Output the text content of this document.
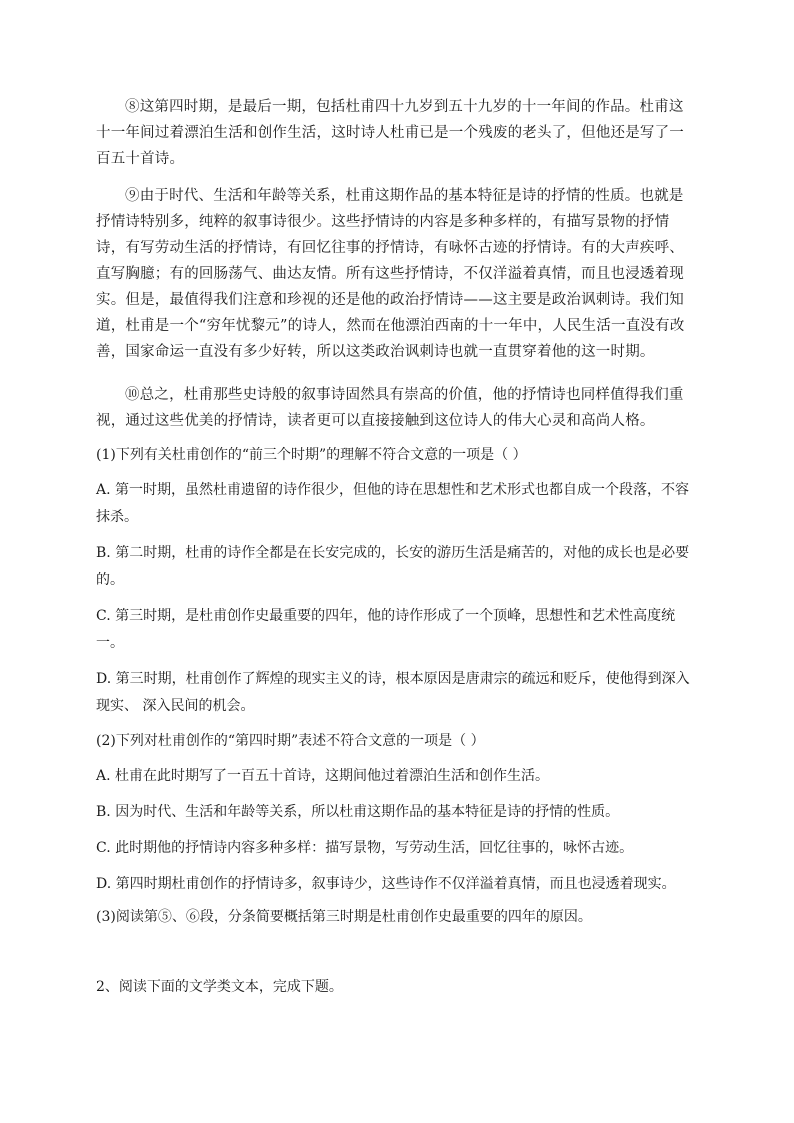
⑧这第四时期，是最后一期，包括杜甫四十九岁到五十九岁的十一年间的作品。杜甫这十一年间过着漂泊生活和创作生活，这时诗人杜甫已是一个残废的老头了，但他还是写了一百五十首诗。

⑨由于时代、生活和年龄等关系，杜甫这期作品的基本特征是诗的抒情的性质。也就是抒情诗特别多，纯粹的叙事诗很少。这些抒情诗的内容是多种多样的，有描写景物的抒情诗，有写劳动生活的抒情诗，有回忆往事的抒情诗，有咏怀古迹的抒情诗。有的大声疾呼、直写胸臆；有的回肠荡气、曲达友情。所有这些抒情诗，不仅洋溢着真情，而且也浸透着现实。但是，最值得我们注意和珍视的还是他的政治抒情诗——这主要是政治讽刺诗。我们知道，杜甫是一个“穷年忧黎元”的诗人，然而在他漂泊西南的十一年中，人民生活一直没有改善，国家命运一直没有多少好转，所以这类政治讽刺诗也就一直贯穿着他的这一时期。

⑩总之，杜甫那些史诗般的叙事诗固然具有崇高的价值，他的抒情诗也同样值得我们重视，通过这些优美的抒情诗，读者更可以直接接触到这位诗人的伟大心灵和高尚人格。

(1)下列有关杜甫创作的“前三个时期”的理解不符合文意的一项是（ ）

A. 第一时期，虽然杜甫遗留的诗作很少，但他的诗在思想性和艺术形式也都自成一个段落，不容抹杀。

B. 第二时期，杜甫的诗作全都是在长安完成的，长安的游历生活是痛苦的，对他的成长也是必要的。

C. 第三时期，是杜甫创作史最重要的四年，他的诗作形成了一个顶峰，思想性和艺术性高度统一。

D. 第三时期，杜甫创作了辉煌的现实主义的诗，根本原因是唐肃宗的疏远和贬斥，使他得到深入现实、 深入民间的机会。

(2)下列对杜甫创作的“第四时期”表述不符合文意的一项是（ ）

A. 杜甫在此时期写了一百五十首诗，这期间他过着漂泊生活和创作生活。

B. 因为时代、生活和年龄等关系，所以杜甫这期作品的基本特征是诗的抒情的性质。

C. 此时期他的抒情诗内容多种多样：描写景物，写劳动生活，回忆往事的，咏怀古迹。

D. 第四时期杜甫创作的抒情诗多，叙事诗少，这些诗作不仅洋溢着真情，而且也浸透着现实。

(3)阅读第⑤、⑥段，分条简要概括第三时期是杜甫创作史最重要的四年的原因。

2、阅读下面的文学类文本，完成下题。
